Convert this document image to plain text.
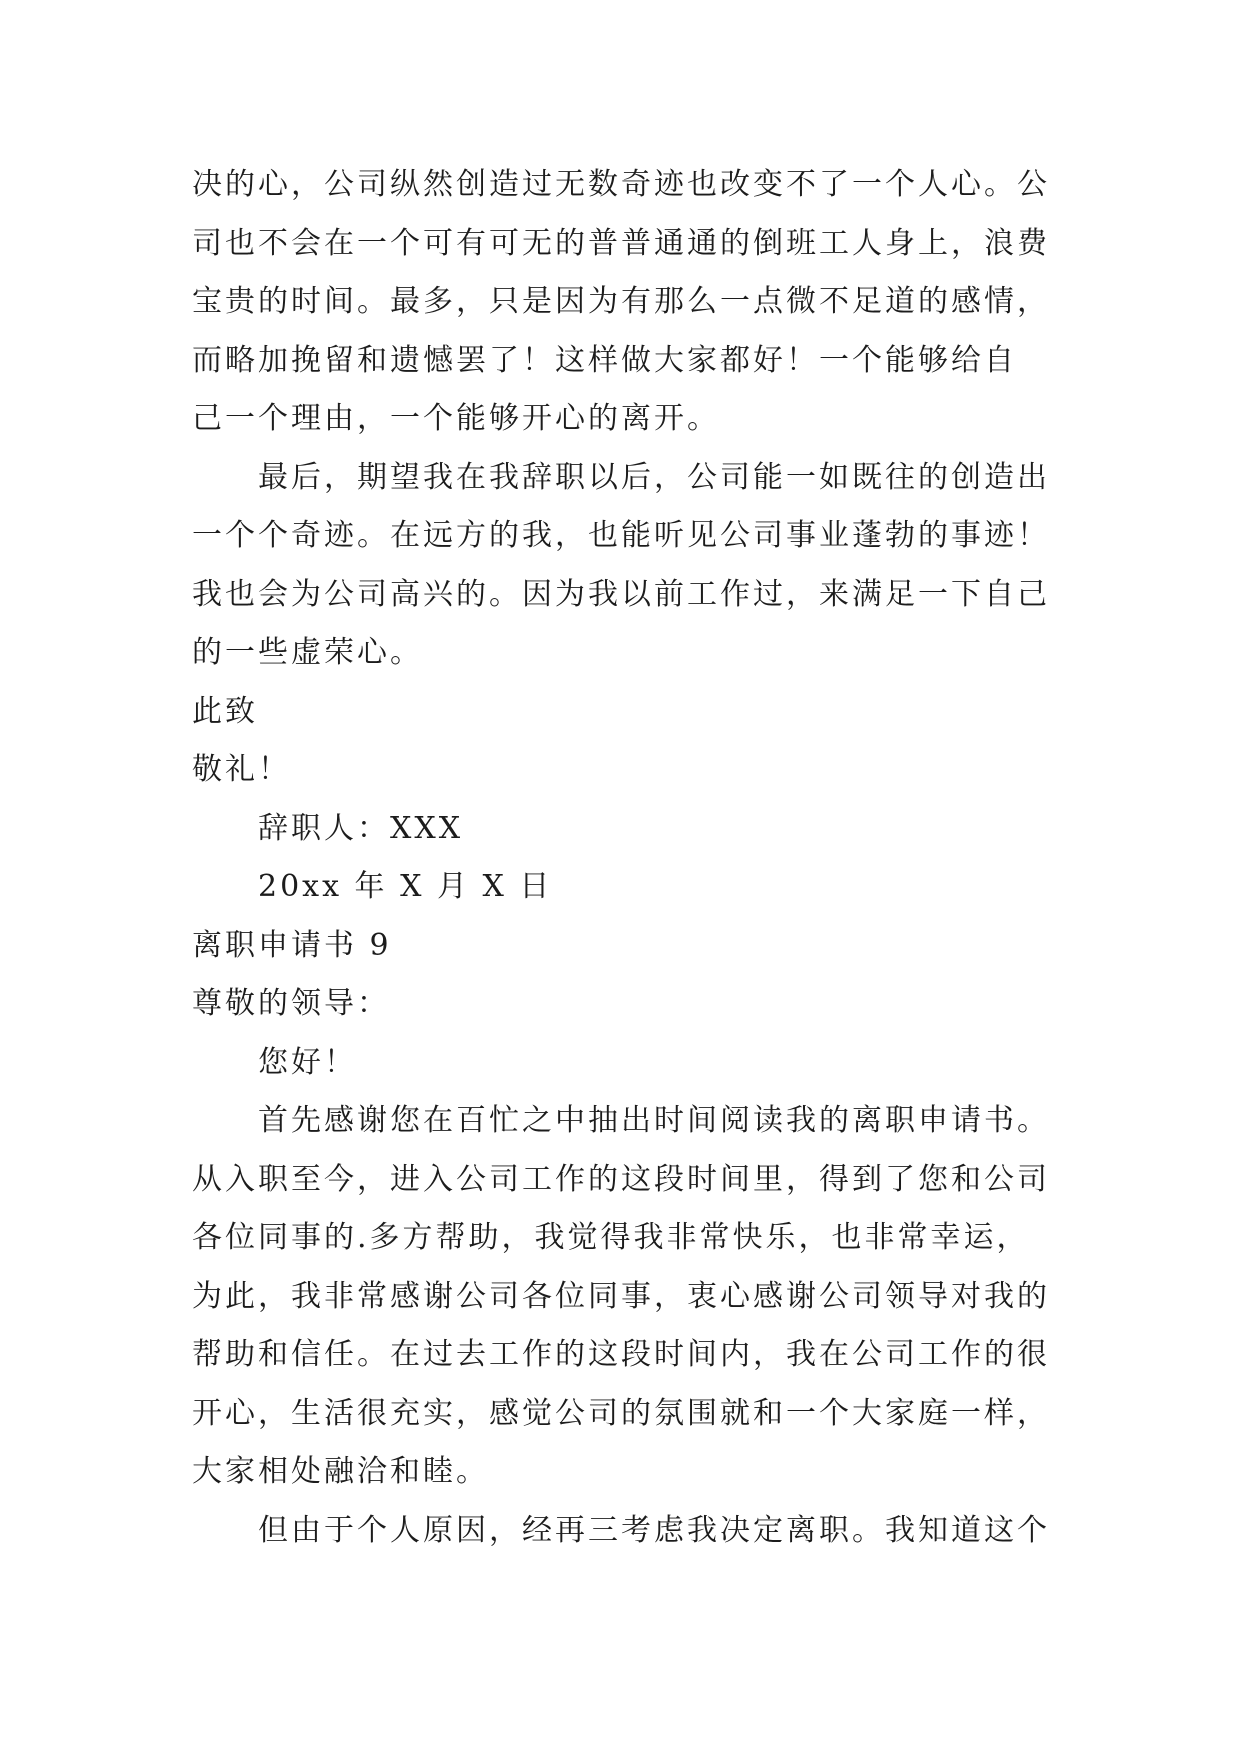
决的心，公司纵然创造过无数奇迹也改变不了一个人心。公
司也不会在一个可有可无的普普通通的倒班工人身上，浪费
宝贵的时间。最多，只是因为有那么一点微不足道的感情，
而略加挽留和遗憾罢了！这样做大家都好！一个能够给自
己一个理由，一个能够开心的离开。
最后，期望我在我辞职以后，公司能一如既往的创造出
一个个奇迹。在远方的我，也能听见公司事业蓬勃的事迹！
我也会为公司高兴的。因为我以前工作过，来满足一下自己
的一些虚荣心。
此致
敬礼！
辞职人：XXX
20xx 年 X 月 X 日
离职申请书 9
尊敬的领导：
您好！
首先感谢您在百忙之中抽出时间阅读我的离职申请书。
从入职至今，进入公司工作的这段时间里，得到了您和公司
各位同事的.多方帮助，我觉得我非常快乐，也非常幸运，
为此，我非常感谢公司各位同事，衷心感谢公司领导对我的
帮助和信任。在过去工作的这段时间内，我在公司工作的很
开心，生活很充实，感觉公司的氛围就和一个大家庭一样，
大家相处融洽和睦。
但由于个人原因，经再三考虑我决定离职。我知道这个
